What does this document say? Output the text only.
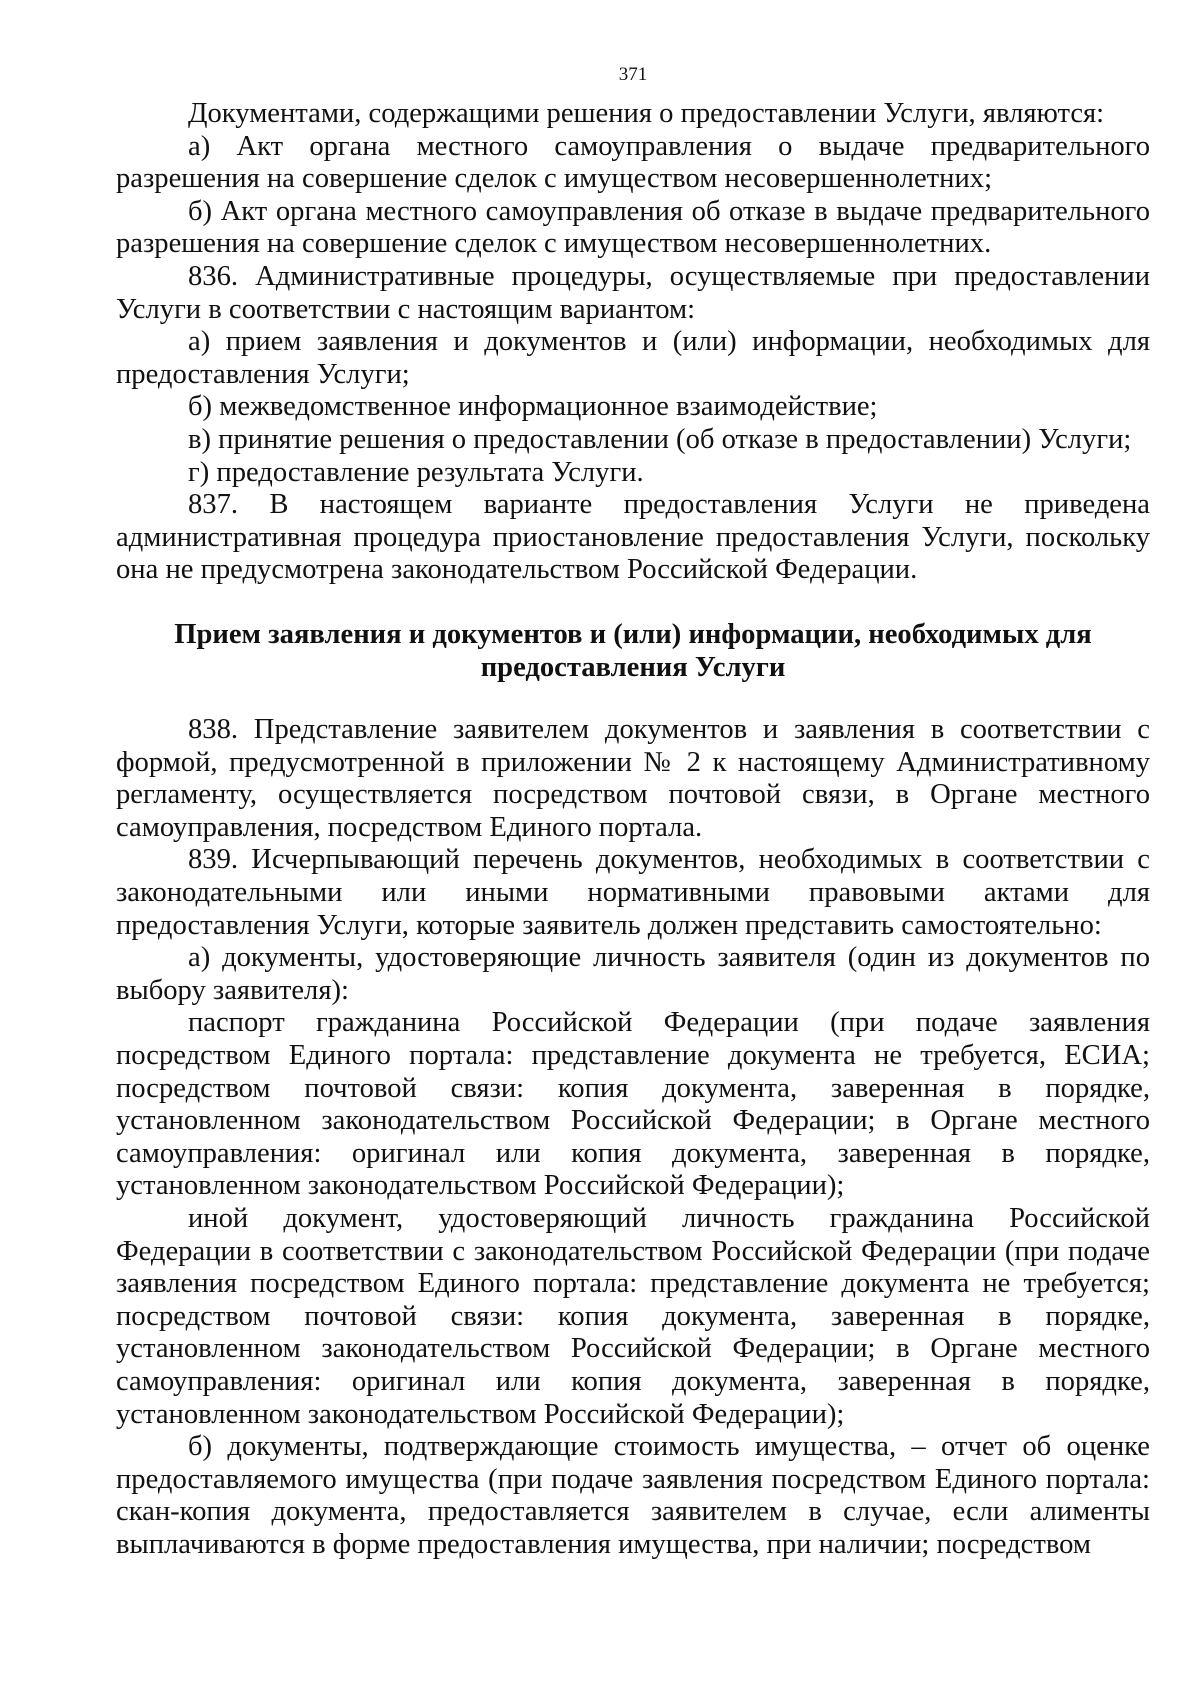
371

Документами, содержащими решения о предоставлении Услуги, являются:

а) Акт органа местного самоуправления о выдаче предварительного разрешения на совершение сделок с имуществом несовершеннолетних;

б) Акт органа местного самоуправления об отказе в выдаче предварительного разрешения на совершение сделок с имуществом несовершеннолетних.

836. Административные процедуры, осуществляемые при предоставлении Услуги в соответствии с настоящим вариантом:

а) прием заявления и документов и (или) информации, необходимых для предоставления Услуги;

б) межведомственное информационное взаимодействие;

в) принятие решения о предоставлении (об отказе в предоставлении) Услуги;

г) предоставление результата Услуги.

837. В настоящем варианте предоставления Услуги не приведена административная процедура приостановление предоставления Услуги, поскольку она не предусмотрена законодательством Российской Федерации.

Прием заявления и документов и (или) информации, необходимых для предоставления Услуги

838. Представление заявителем документов и заявления в соответствии с формой, предусмотренной в приложении № 2 к настоящему Административному регламенту, осуществляется посредством почтовой связи, в Органе местного самоуправления, посредством Единого портала.

839. Исчерпывающий перечень документов, необходимых в соответствии с законодательными или иными нормативными правовыми актами для предоставления Услуги, которые заявитель должен представить самостоятельно:

а) документы, удостоверяющие личность заявителя (один из документов по выбору заявителя):

паспорт гражданина Российской Федерации (при подаче заявления посредством Единого портала: представление документа не требуется, ЕСИА; посредством почтовой связи: копия документа, заверенная в порядке, установленном законодательством Российской Федерации; в Органе местного самоуправления: оригинал или копия документа, заверенная в порядке, установленном законодательством Российской Федерации);

иной документ, удостоверяющий личность гражданина Российской Федерации в соответствии с законодательством Российской Федерации (при подаче заявления посредством Единого портала: представление документа не требуется; посредством почтовой связи: копия документа, заверенная в порядке, установленном законодательством Российской Федерации; в Органе местного самоуправления: оригинал или копия документа, заверенная в порядке, установленном законодательством Российской Федерации);

б) документы, подтверждающие стоимость имущества, – отчет об оценке предоставляемого имущества (при подаче заявления посредством Единого портала: скан-копия документа, предоставляется заявителем в случае, если алименты выплачиваются в форме предоставления имущества, при наличии; посредством
